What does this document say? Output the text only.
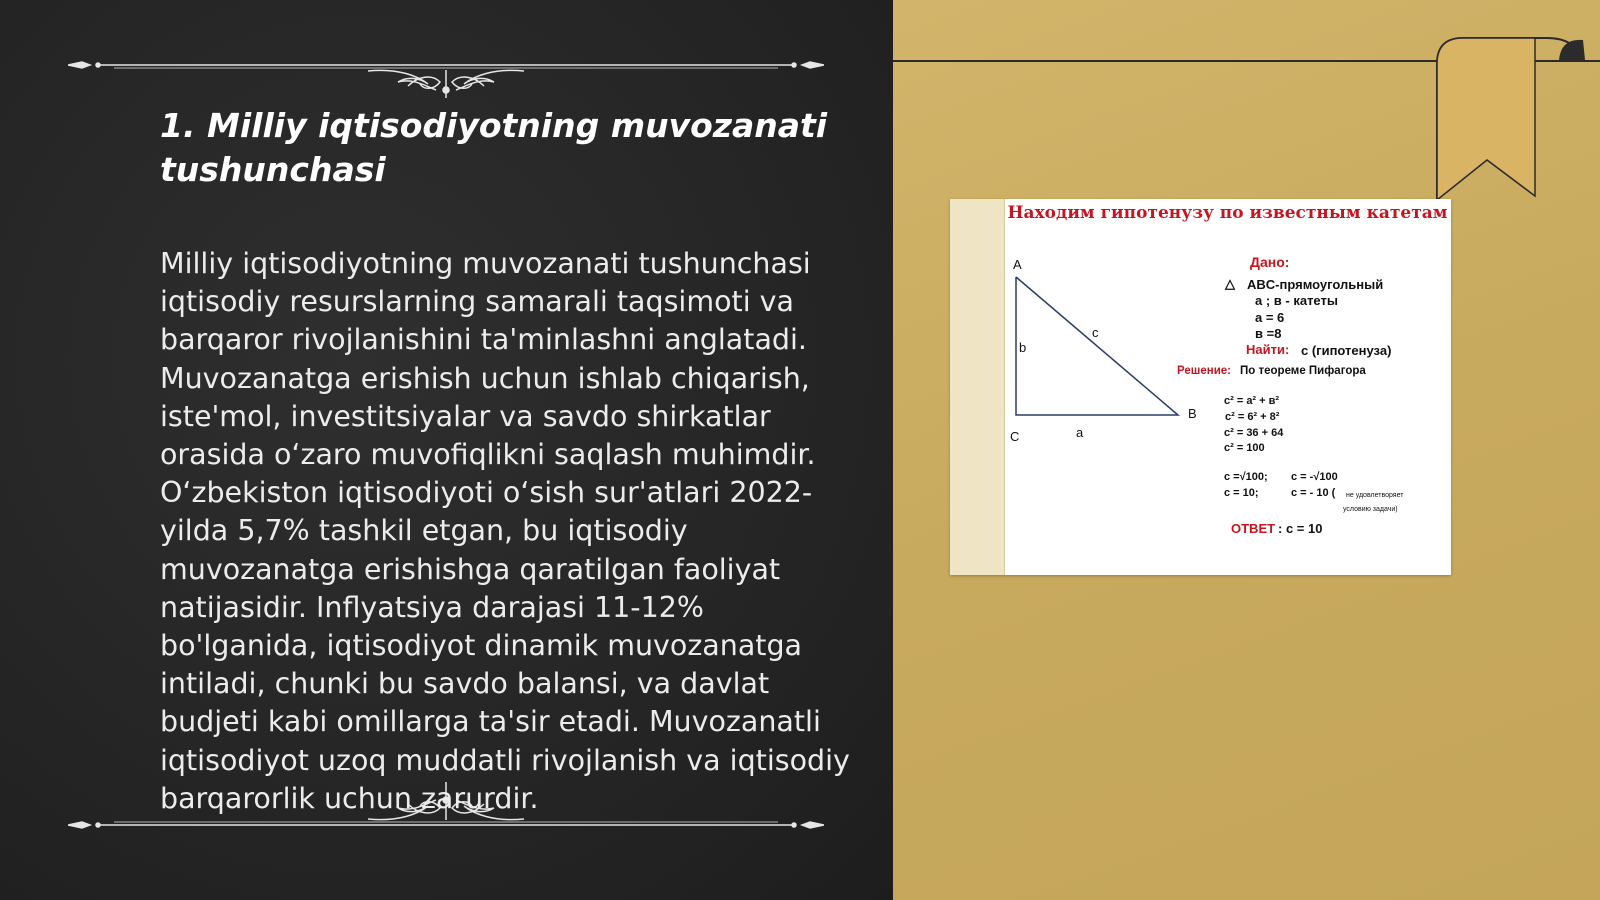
1. Milliy iqtisodiyotning muvozanati tushunchasi

Milliy iqtisodiyotning muvozanati tushunchasi iqtisodiy resurslarning samarali taqsimoti va barqaror rivojlanishini ta'minlashni anglatadi. Muvozanatga erishish uchun ishlab chiqarish, iste'mol, investitsiyalar va savdo shirkatlar orasida o‘zaro muvofiqlikni saqlash muhimdir. O‘zbekiston iqtisodiyoti o‘sish sur'atlari 2022-yilda 5,7% tashkil etgan, bu iqtisodiy muvozanatga erishishga qaratilgan faoliyat natijasidir. Inflyatsiya darajasi 11-12% bo'lganida, iqtisodiyot dinamik muvozanatga intiladi, chunki bu savdo balansi, va davlat budjeti kabi omillarga ta'sir etadi. Muvozanatli iqtisodiyot uzoq muddatli rivojlanish va iqtisodiy barqarorlik uchun zarurdir.

Находим гипотенузу по известным катетам

A
B
C	a
b
c
Дано:
△ ABC-прямоугольный
а ; в - катеты
a = 6
в =8
Найти: с (гипотенуза)
Решение: По теореме Пифагора
c² = a² + в²
c² = 6² + 8²
c² = 36 + 64
c² = 100
c =√100; c = -√100
c = 10;	c = - 10 ( не удовлетворяет
условию задачи)
ОТВЕТ : c = 10
